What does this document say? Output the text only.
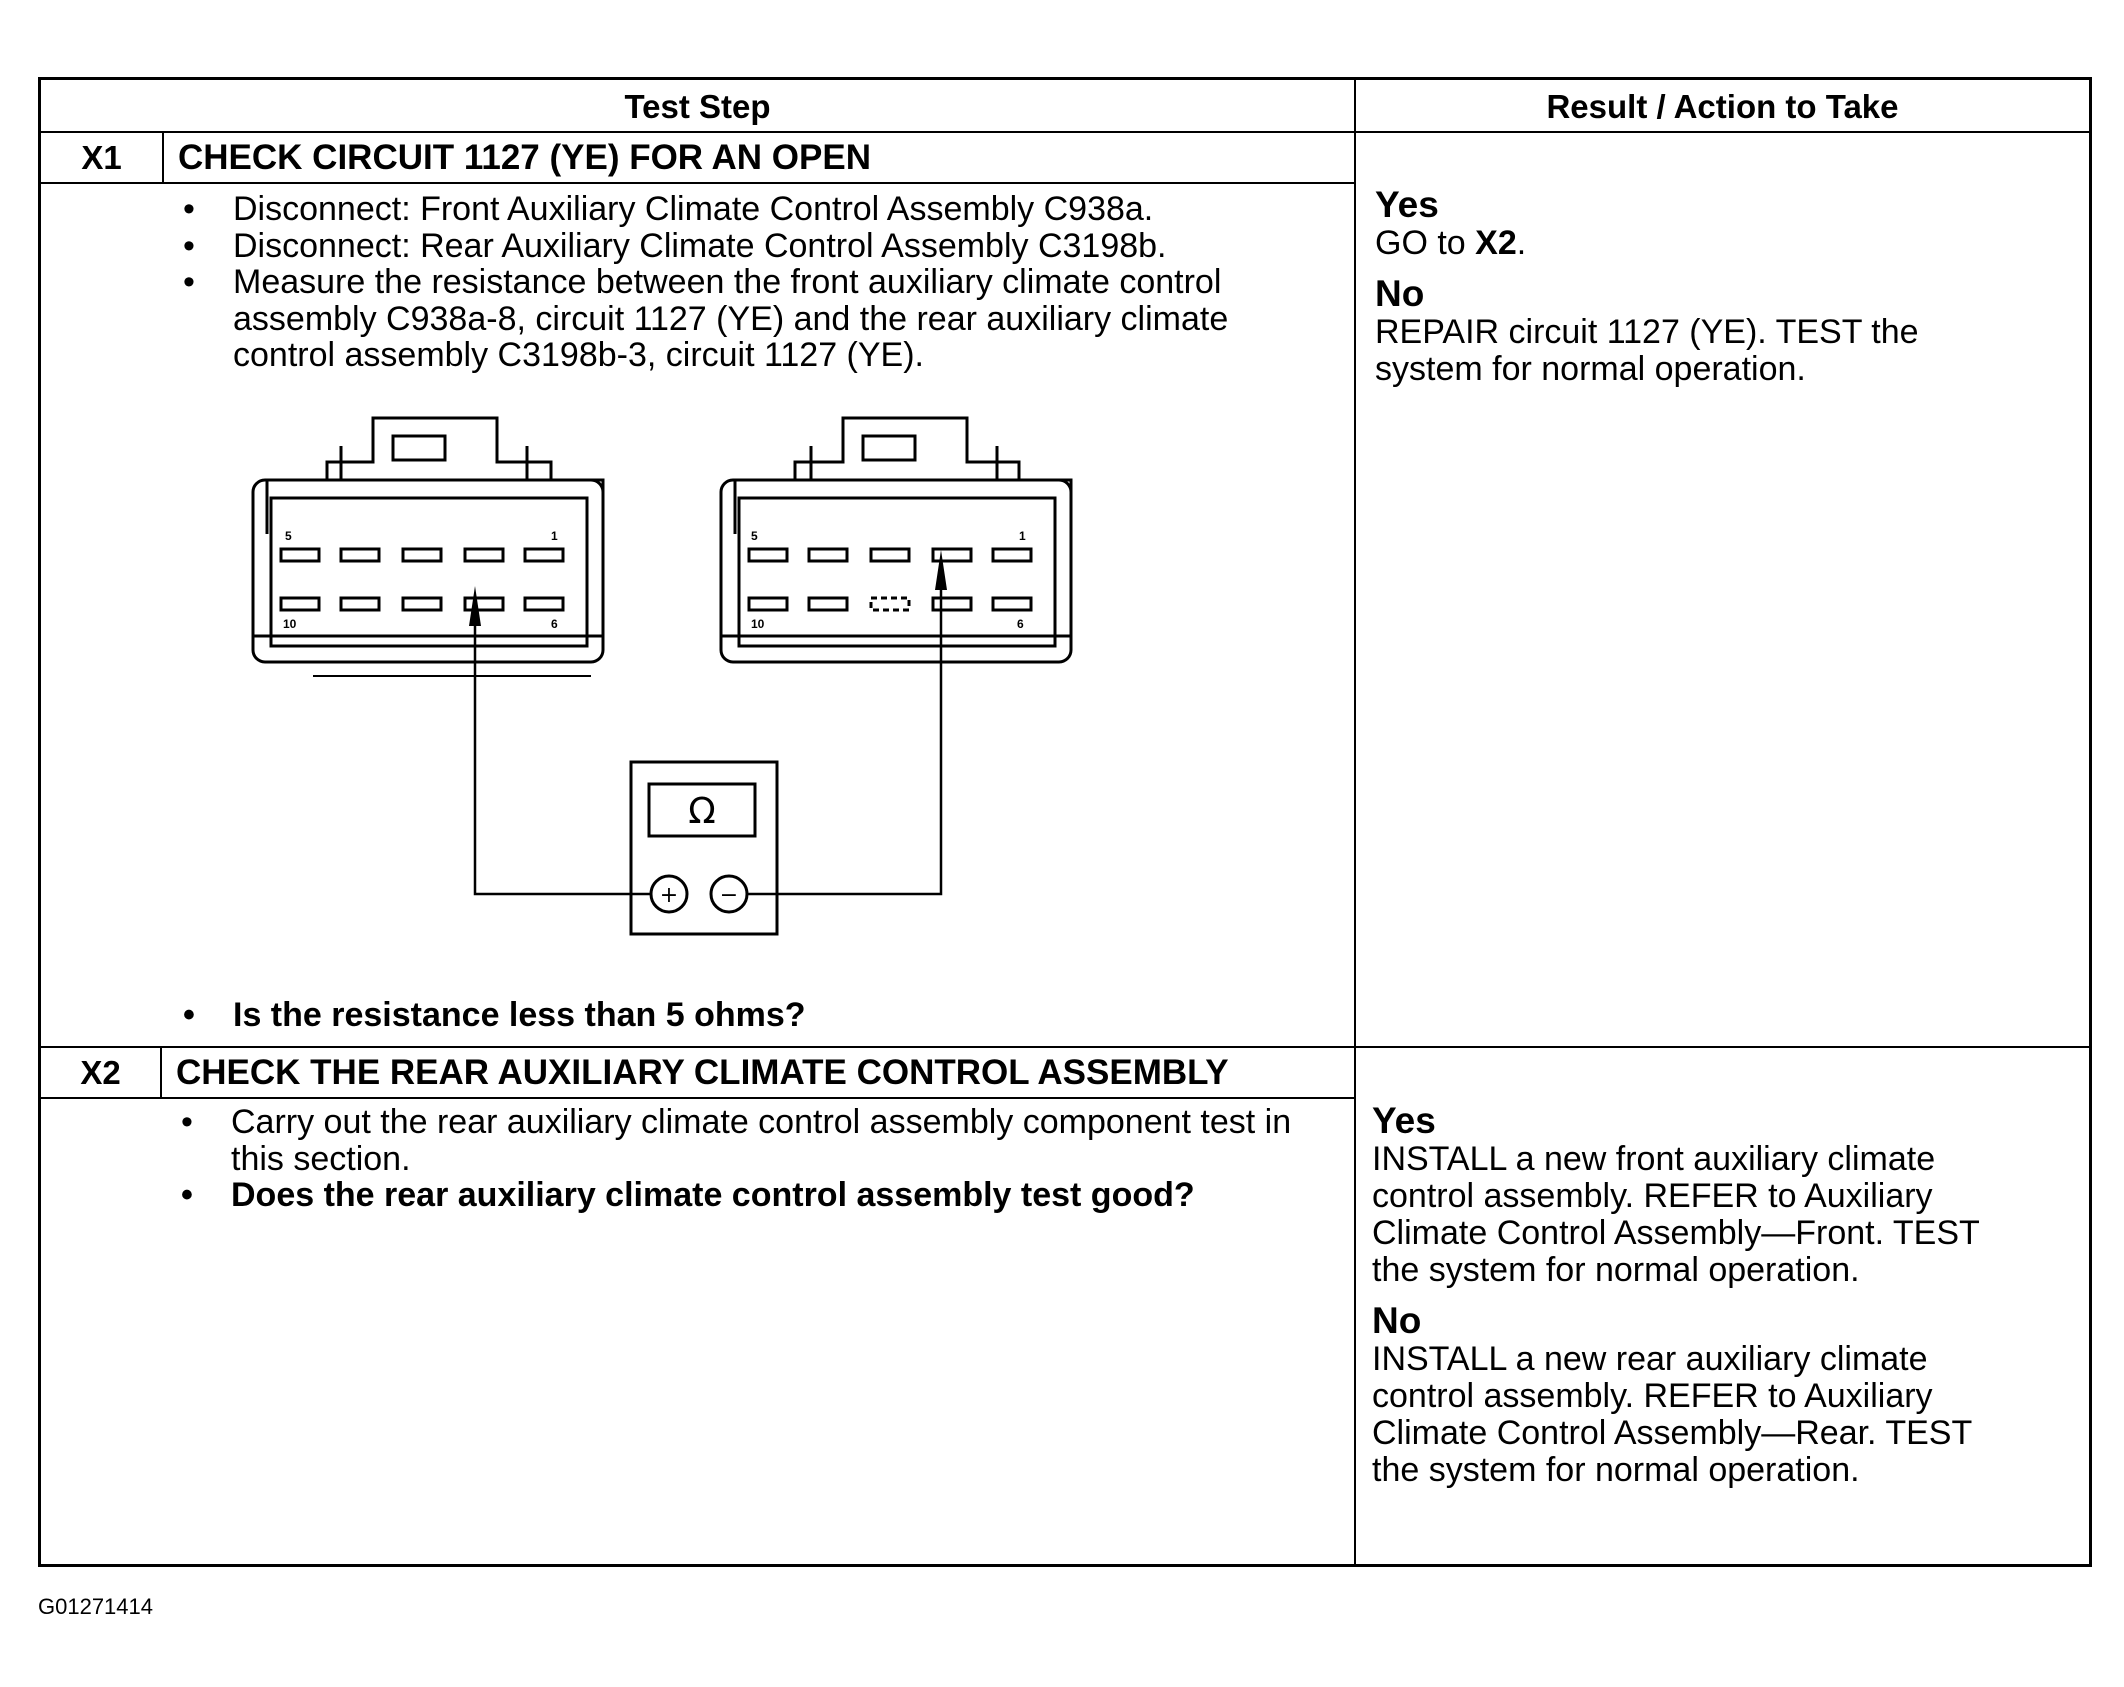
Test Step	Result / Action to Take
X1	CHECK CIRCUIT 1127 (YE) FOR AN OPEN
• Disconnect: Front Auxiliary Climate Control Assembly C938a.
• Disconnect: Rear Auxiliary Climate Control Assembly C3198b.
• Measure the resistance between the front auxiliary climate control assembly C938a-8, circuit 1127 (YE) and the rear auxiliary climate control assembly C3198b-3, circuit 1127 (YE).
5	1
10	6
5	1
10	6
Ω
+ −
• Is the resistance less than 5 ohms?
Yes
GO to X2.
No
REPAIR circuit 1127 (YE). TEST the system for normal operation.
X2	CHECK THE REAR AUXILIARY CLIMATE CONTROL ASSEMBLY
• Carry out the rear auxiliary climate control assembly component test in this section.
• Does the rear auxiliary climate control assembly test good?
Yes
INSTALL a new front auxiliary climate control assembly. REFER to Auxiliary Climate Control Assembly—Front. TEST the system for normal operation.
No
INSTALL a new rear auxiliary climate control assembly. REFER to Auxiliary Climate Control Assembly—Rear. TEST the system for normal operation.
G01271414
